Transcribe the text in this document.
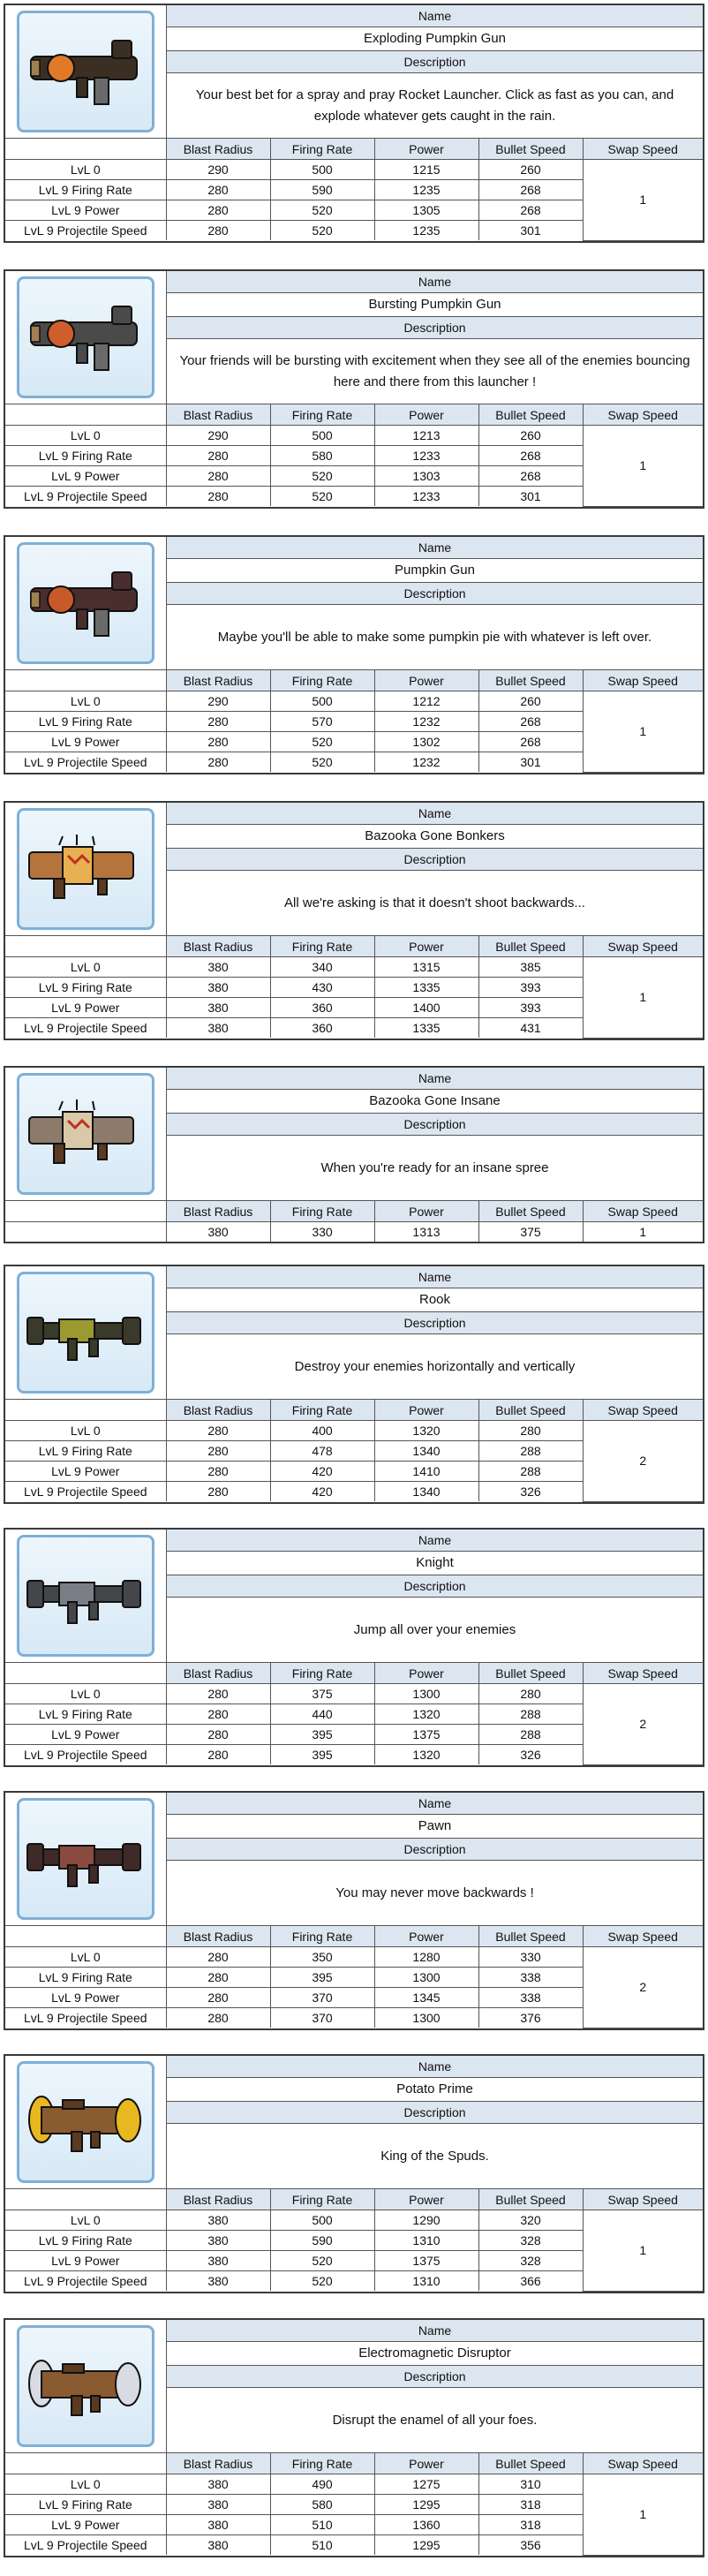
Name
Exploding Pumpkin Gun
Description
Your best bet for a spray and pray Rocket Launcher. Click as fast as you can, and explode whatever gets caught in the rain.
	Blast Radius	Firing Rate	Power	Bullet Speed	Swap Speed
LvL 0	290	500	1215	260	1
LvL 9 Firing Rate	280	590	1235	268	
LvL 9 Power	280	520	1305	268	
LvL 9 Projectile Speed	280	520	1235	301	
Name
Bursting Pumpkin Gun
Description
Your friends will be bursting with excitement when they see all of the enemies bouncing here and there from this launcher !
	Blast Radius	Firing Rate	Power	Bullet Speed	Swap Speed
LvL 0	290	500	1213	260	1
LvL 9 Firing Rate	280	580	1233	268	
LvL 9 Power	280	520	1303	268	
LvL 9 Projectile Speed	280	520	1233	301	
Name
Pumpkin Gun
Description
Maybe you'll be able to make some pumpkin pie with whatever is left over.
	Blast Radius	Firing Rate	Power	Bullet Speed	Swap Speed
LvL 0	290	500	1212	260	1
LvL 9 Firing Rate	280	570	1232	268	
LvL 9 Power	280	520	1302	268	
LvL 9 Projectile Speed	280	520	1232	301	
Name
Bazooka Gone Bonkers
Description
All we're asking is that it doesn't shoot backwards...
	Blast Radius	Firing Rate	Power	Bullet Speed	Swap Speed
LvL 0	380	340	1315	385	1
LvL 9 Firing Rate	380	430	1335	393	
LvL 9 Power	380	360	1400	393	
LvL 9 Projectile Speed	380	360	1335	431	
Name
Bazooka Gone Insane
Description
When you're ready for an insane spree
	Blast Radius	Firing Rate	Power	Bullet Speed	Swap Speed
	380	330	1313	375	1
Name
Rook
Description
Destroy your enemies horizontally and vertically
	Blast Radius	Firing Rate	Power	Bullet Speed	Swap Speed
LvL 0	280	400	1320	280	2
LvL 9 Firing Rate	280	478	1340	288	
LvL 9 Power	280	420	1410	288	
LvL 9 Projectile Speed	280	420	1340	326	
Name
Knight
Description
Jump all over your enemies
	Blast Radius	Firing Rate	Power	Bullet Speed	Swap Speed
LvL 0	280	375	1300	280	2
LvL 9 Firing Rate	280	440	1320	288	
LvL 9 Power	280	395	1375	288	
LvL 9 Projectile Speed	280	395	1320	326	
Name
Pawn
Description
You may never move backwards !
	Blast Radius	Firing Rate	Power	Bullet Speed	Swap Speed
LvL 0	280	350	1280	330	2
LvL 9 Firing Rate	280	395	1300	338	
LvL 9 Power	280	370	1345	338	
LvL 9 Projectile Speed	280	370	1300	376	
Name
Potato Prime
Description
King of the Spuds.
	Blast Radius	Firing Rate	Power	Bullet Speed	Swap Speed
LvL 0	380	500	1290	320	1
LvL 9 Firing Rate	380	590	1310	328	
LvL 9 Power	380	520	1375	328	
LvL 9 Projectile Speed	380	520	1310	366	
Name
Electromagnetic Disruptor
Description
Disrupt the enamel of all your foes.
	Blast Radius	Firing Rate	Power	Bullet Speed	Swap Speed
LvL 0	380	490	1275	310	1
LvL 9 Firing Rate	380	580	1295	318	
LvL 9 Power	380	510	1360	318	
LvL 9 Projectile Speed	380	510	1295	356	
